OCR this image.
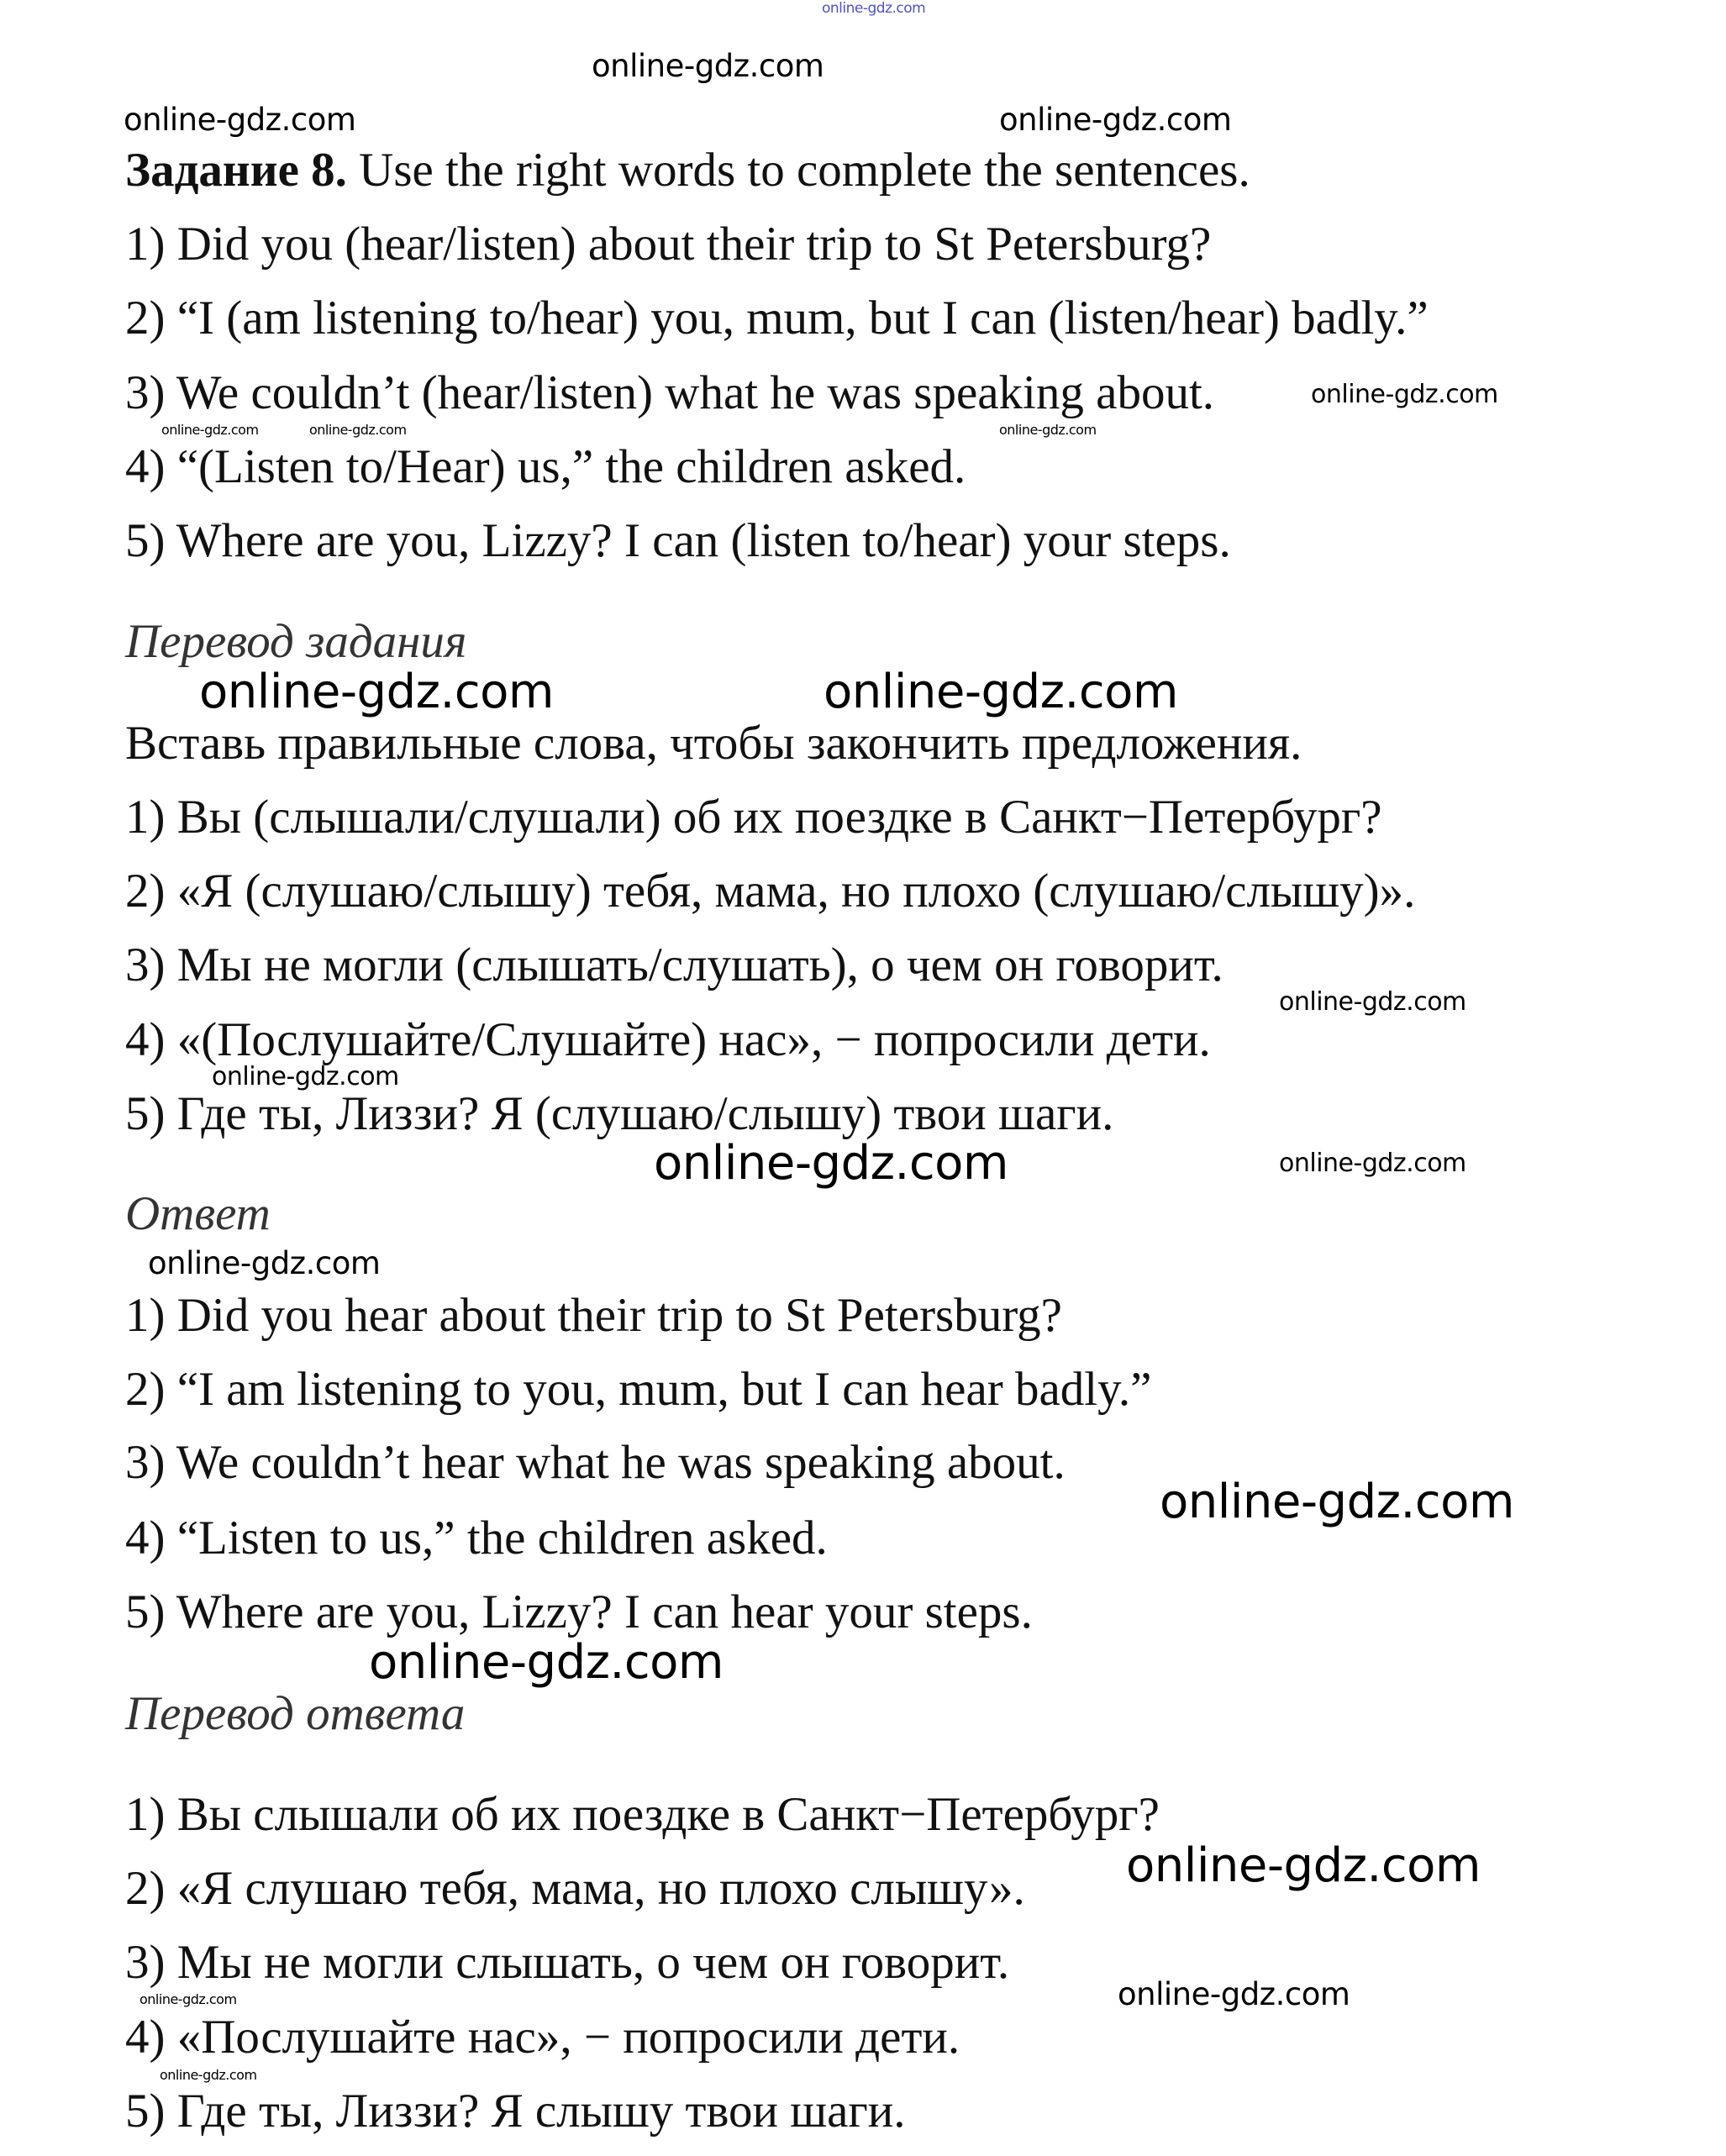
online-gdz.com
Задание 8. Use the right words to complete the sentences.
1) Did you (hear/listen) about their trip to St Petersburg?
2) “I (am listening to/hear) you, mum, but I can (listen/hear) badly.”
3) We couldn’t (hear/listen) what he was speaking about.
4) “(Listen to/Hear) us,” the children asked.
5) Where are you, Lizzy? I can (listen to/hear) your steps.
Перевод задания
Вставь правильные слова, чтобы закончить предложения.
1) Вы (слышали/слушали) об их поездке в Санкт−Петербург?
2) «Я (слушаю/слышу) тебя, мама, но плохо (слушаю/слышу)».
3) Мы не могли (слышать/слушать), о чем он говорит.
4) «(Послушайте/Слушайте) нас», − попросили дети.
5) Где ты, Лиззи? Я (слушаю/слышу) твои шаги.
Ответ
1) Did you hear about their trip to St Petersburg?
2) “I am listening to you, mum, but I can hear badly.”
3) We couldn’t hear what he was speaking about.
4) “Listen to us,” the children asked.
5) Where are you, Lizzy? I can hear your steps.
Перевод ответа
1) Вы слышали об их поездке в Санкт−Петербург?
2) «Я слушаю тебя, мама, но плохо слышу».
3) Мы не могли слышать, о чем он говорит.
4) «Послушайте нас», − попросили дети.
5) Где ты, Лиззи? Я слышу твои шаги.
online-gdz.com	online-gdz.com
online-gdz.com
online-gdz.com	online-gdz.com	online-gdz.com
online-gdz.com
online-gdz.com	online-gdz.com
online-gdz.com
online-gdz.com
online-gdz.com	online-gdz.com
online-gdz.com
online-gdz.com
online-gdz.com
online-gdz.com
online-gdz.com
online-gdz.com
online-gdz.com
